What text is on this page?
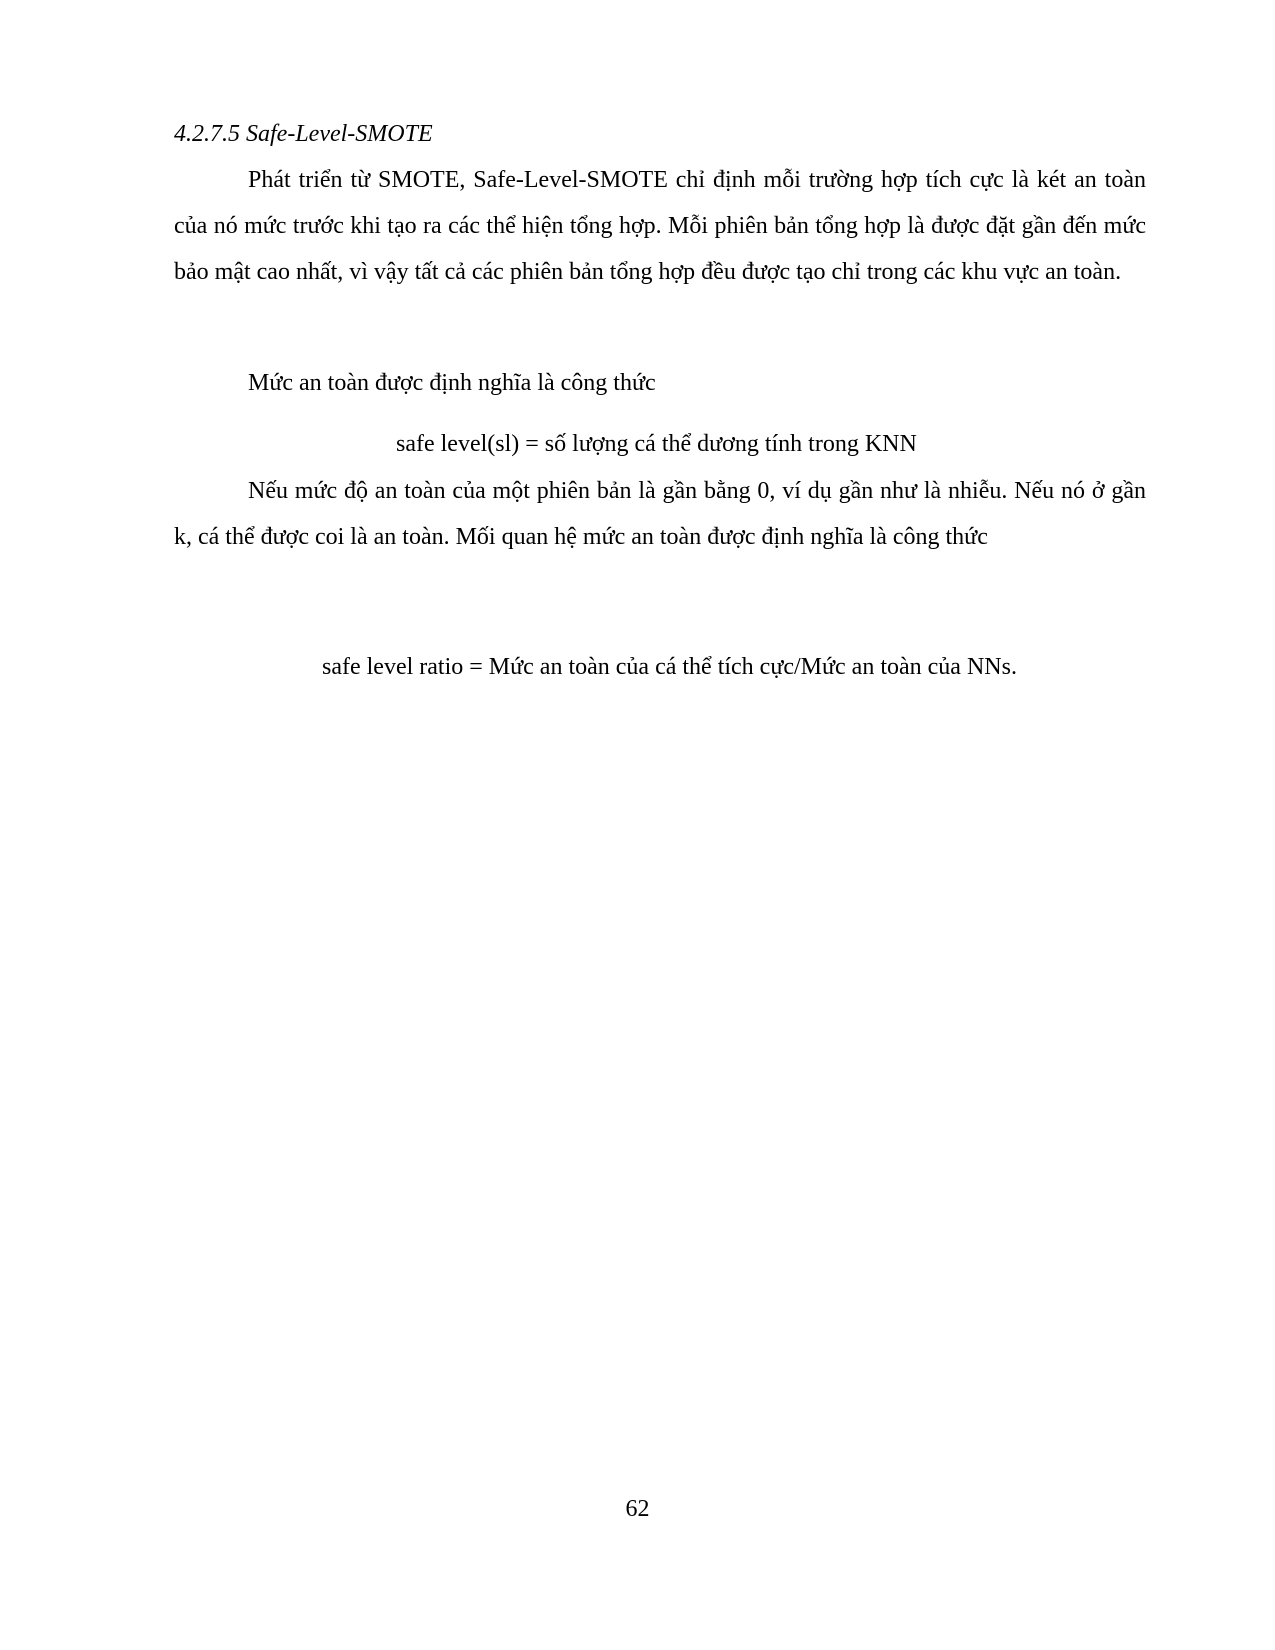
4.2.7.5 Safe-Level-SMOTE

Phát triển từ SMOTE, Safe-Level-SMOTE chỉ định mỗi trường hợp tích cực là két an toàn của nó mức trước khi tạo ra các thể hiện tổng hợp. Mỗi phiên bản tổng hợp là được đặt gần đến mức bảo mật cao nhất, vì vậy tất cả các phiên bản tổng hợp đều được tạo chỉ trong các khu vực an toàn.

Mức an toàn được định nghĩa là công thức
safe level(sl) = số lượng cá thể dương tính trong KNN

Nếu mức độ an toàn của một phiên bản là gần bằng 0, ví dụ gần như là nhiễu. Nếu nó ở gần k, cá thể được coi là an toàn. Mối quan hệ mức an toàn được định nghĩa là công thức

safe level ratio = Mức an toàn của cá thể tích cực/Mức an toàn của NNs.
62
